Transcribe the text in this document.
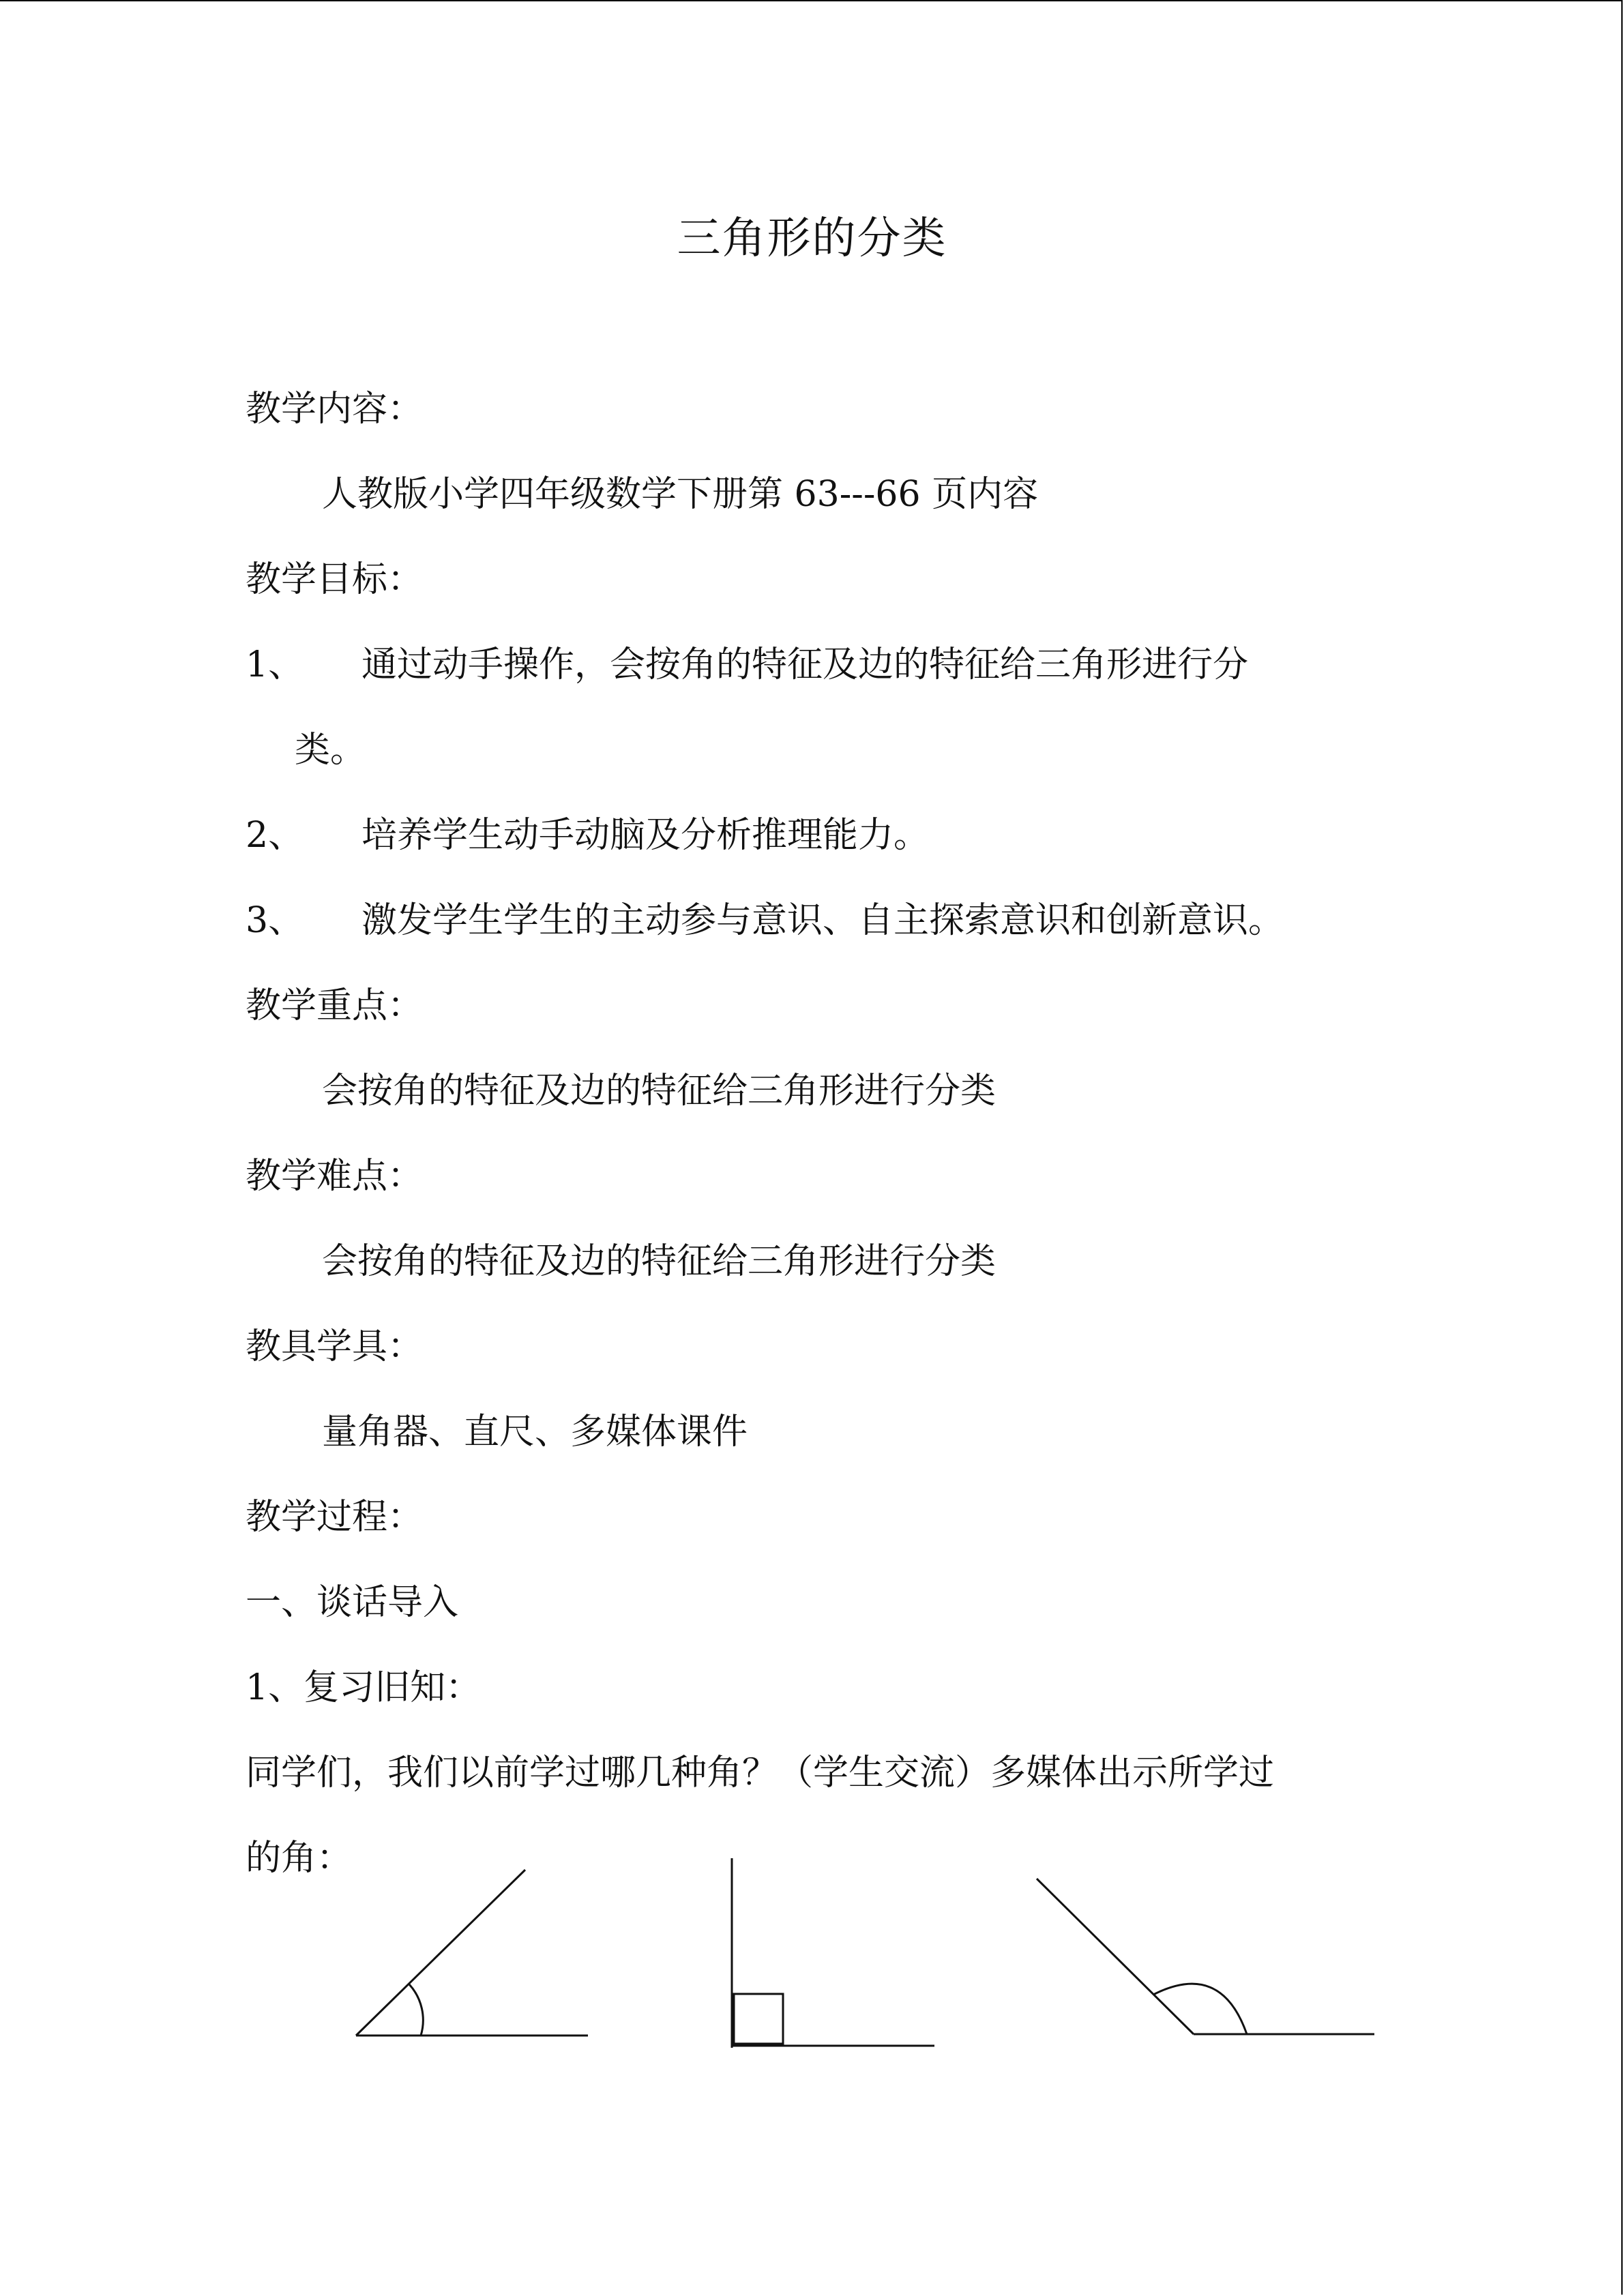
三角形的分类
教学内容：
人教版小学四年级数学下册第 63---66 页内容
教学目标：
1、 通过动手操作，会按角的特征及边的特征给三角形进行分
类。
2、 培养学生动手动脑及分析推理能力。
3、 激发学生学生的主动参与意识、自主探索意识和创新意识。
教学重点：
会按角的特征及边的特征给三角形进行分类
教学难点：
会按角的特征及边的特征给三角形进行分类
教具学具：
量角器、直尺、多媒体课件
教学过程：
一、谈话导入
1、复习旧知：
同学们，我们以前学过哪几种角？（学生交流）多媒体出示所学过
的角：
